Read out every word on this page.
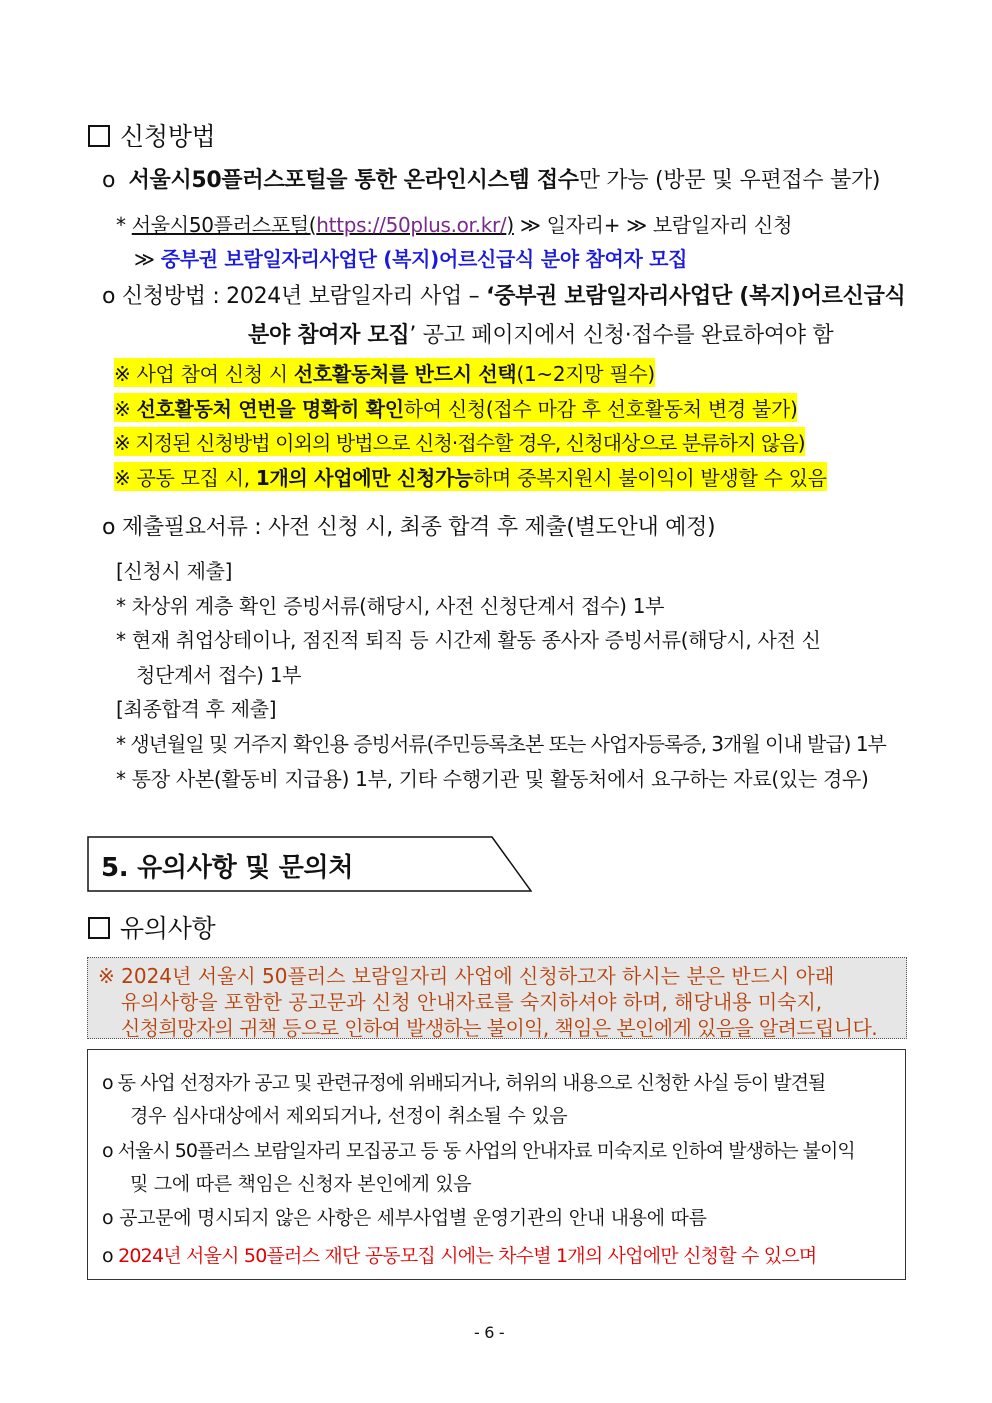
신청방법
o 서울시50플러스포털을 통한 온라인시스템 접수만 가능 (방문 및 우편접수 불가)
* 서울시50플러스포털(https://50plus.or.kr/) ≫ 일자리+ ≫ 보람일자리 신청
≫ 중부권 보람일자리사업단 (복지)어르신급식 분야 참여자 모집
o 신청방법 : 2024년 보람일자리 사업 – ‘중부권 보람일자리사업단 (복지)어르신급식
분야 참여자 모집’ 공고 페이지에서 신청·접수를 완료하여야 함
※ 사업 참여 신청 시 선호활동처를 반드시 선택(1~2지망 필수)
※ 선호활동처 연번을 명확히 확인하여 신청(접수 마감 후 선호활동처 변경 불가)
※ 지정된 신청방법 이외의 방법으로 신청·접수할 경우, 신청대상으로 분류하지 않음)
※ 공동 모집 시, 1개의 사업에만 신청가능하며 중복지원시 불이익이 발생할 수 있음
o 제출필요서류 : 사전 신청 시, 최종 합격 후 제출(별도안내 예정)
[신청시 제출]
* 차상위 계층 확인 증빙서류(해당시, 사전 신청단계서 접수) 1부
* 현재 취업상테이나, 점진적 퇴직 등 시간제 활동 종사자 증빙서류(해당시, 사전 신
청단계서 접수) 1부
[최종합격 후 제출]
* 생년월일 및 거주지 확인용 증빙서류(주민등록초본 또는 사업자등록증, 3개월 이내 발급) 1부
* 통장 사본(활동비 지급용) 1부, 기타 수행기관 및 활동처에서 요구하는 자료(있는 경우)
5. 유의사항 및 문의처
유의사항
※ 2024년 서울시 50플러스 보람일자리 사업에 신청하고자 하시는 분은 반드시 아래
유의사항을 포함한 공고문과 신청 안내자료를 숙지하셔야 하며, 해당내용 미숙지,
신청희망자의 귀책 등으로 인하여 발생하는 불이익, 책임은 본인에게 있음을 알려드립니다.
o 동 사업 선정자가 공고 및 관련규정에 위배되거나, 허위의 내용으로 신청한 사실 등이 발견될
경우 심사대상에서 제외되거나, 선정이 취소될 수 있음
o 서울시 50플러스 보람일자리 모집공고 등 동 사업의 안내자료 미숙지로 인하여 발생하는 불이익
및 그에 따른 책임은 신청자 본인에게 있음
o 공고문에 명시되지 않은 사항은 세부사업별 운영기관의 안내 내용에 따름
o 2024년 서울시 50플러스 재단 공동모집 시에는 차수별 1개의 사업에만 신청할 수 있으며
- 6 -
